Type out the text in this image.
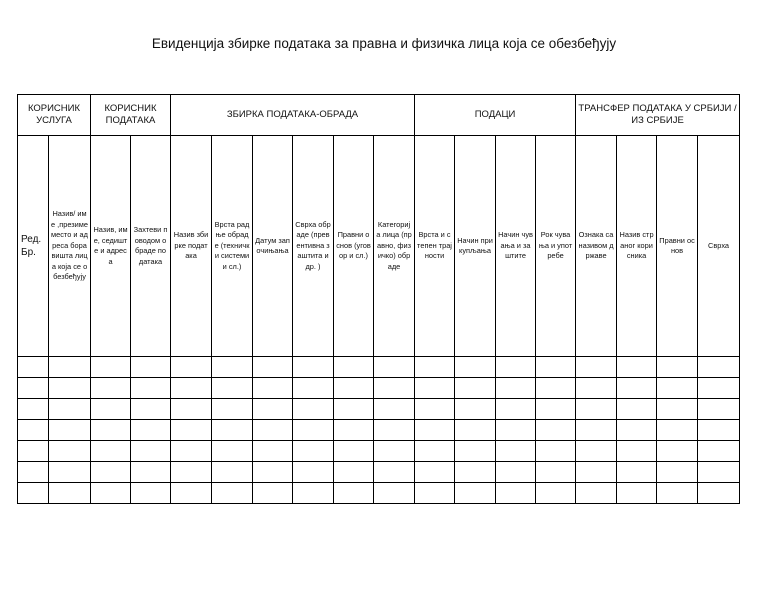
Евиденција збирке података за правна и физичка лица која се обезбеђују
КОРИСНИК УСЛУГА		КОРИСНИК ПОДАТАКА		ЗБИРКА ПОДАТАКА-ОБРАДА						ПОДАЦИ				ТРАНСФЕР ПОДАТАКА У СРБИЈИ / ИЗ СРБИЈЕ			
Ред. Бр.	Назив/ име ,презиме место и адреса боравишта лица која се обезбеђују	Назив, име, седиште и адреса	Захтеви поводом обраде података	Назив збирке података	Врста радње обраде (технички системи и сл.)	Датум започињања	Сврха обраде (превентивна заштита и др. )	Правни основ (уговор и сл.)	Категорија лица (правно, физичко) обраде	Врста и степен трајности	Начин прикупљања	Начин чувања и заштите	Рок чувања и употребе	Ознака са називом државе	Назив страног корисника	Правни основ	Сврха
